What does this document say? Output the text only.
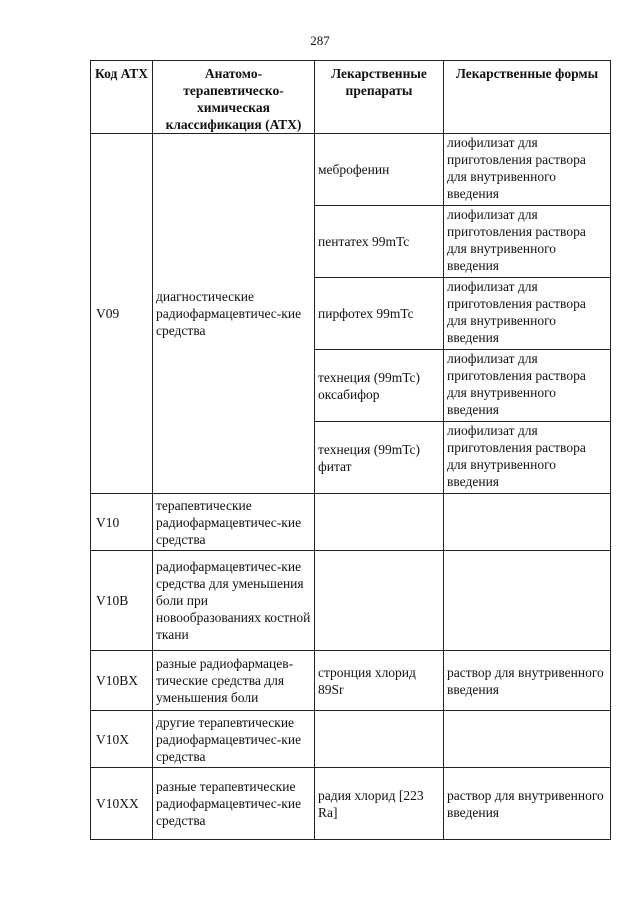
287
Код АТХ	Анатомо-терапевтическо-химическая классификация (АТХ)	Лекарственные препараты	Лекарственные формы
V09	диагностические радиофармацевтичес-кие средства	меброфенин	лиофилизат для приготовления раствора для внутривенного введения
		пентатех 99mTc	лиофилизат для приготовления раствора для внутривенного введения
		пирфотех 99mTc	лиофилизат для приготовления раствора для внутривенного введения
		технеция (99mTc) оксабифор	лиофилизат для приготовления раствора для внутривенного введения
		технеция (99mTc) фитат	лиофилизат для приготовления раствора для внутривенного введения
V10	терапевтические радиофармацевтичес-кие средства		
V10B	радиофармацевтичес-кие средства для уменьшения боли при новообразованиях костной ткани		
V10BX	разные радиофармацев-тические средства для уменьшения боли	стронция хлорид 89Sr	раствор для внутривенного введения
V10X	другие терапевтические радиофармацевтичес-кие средства		
V10XX	разные терапевтические радиофармацевтичес-кие средства	радия хлорид [223 Ra]	раствор для внутривенного введения
